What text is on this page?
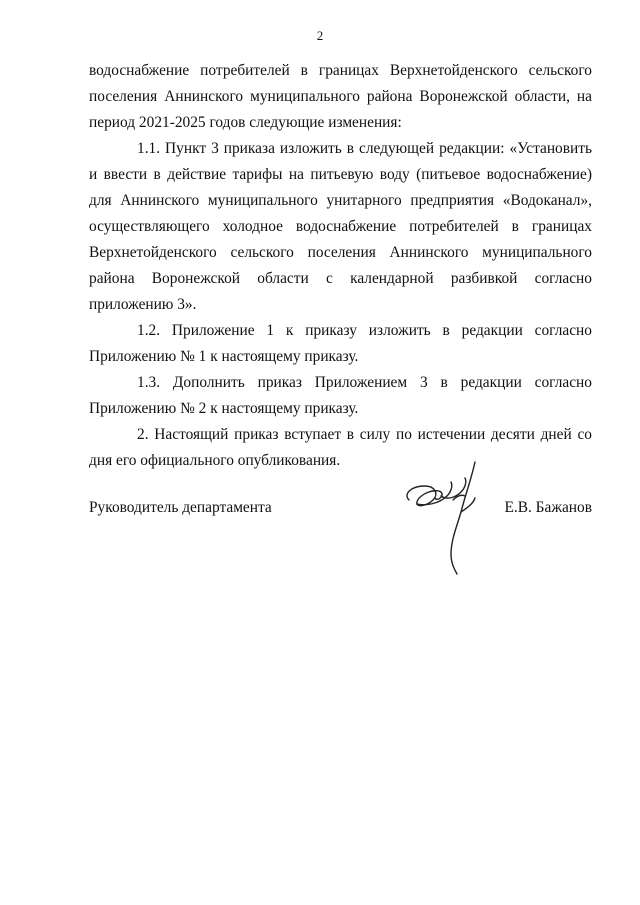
2

водоснабжение потребителей в границах Верхнетойденского сельского поселения Аннинского муниципального района Воронежской области, на период 2021-2025 годов следующие изменения:

1.1. Пункт 3 приказа изложить в следующей редакции: «Установить и ввести в действие тарифы на питьевую воду (питьевое водоснабжение) для Аннинского муниципального унитарного предприятия «Водоканал», осуществляющего холодное водоснабжение потребителей в границах Верхнетойденского сельского поселения Аннинского муниципального района Воронежской области с календарной разбивкой согласно приложению 3».

1.2. Приложение 1 к приказу изложить в редакции согласно Приложению № 1 к настоящему приказу.

1.3. Дополнить приказ Приложением 3 в редакции согласно Приложению № 2 к настоящему приказу.

2. Настоящий приказ вступает в силу по истечении десяти дней со дня его официального опубликования.

Руководитель департамента	Е.В. Бажанов
